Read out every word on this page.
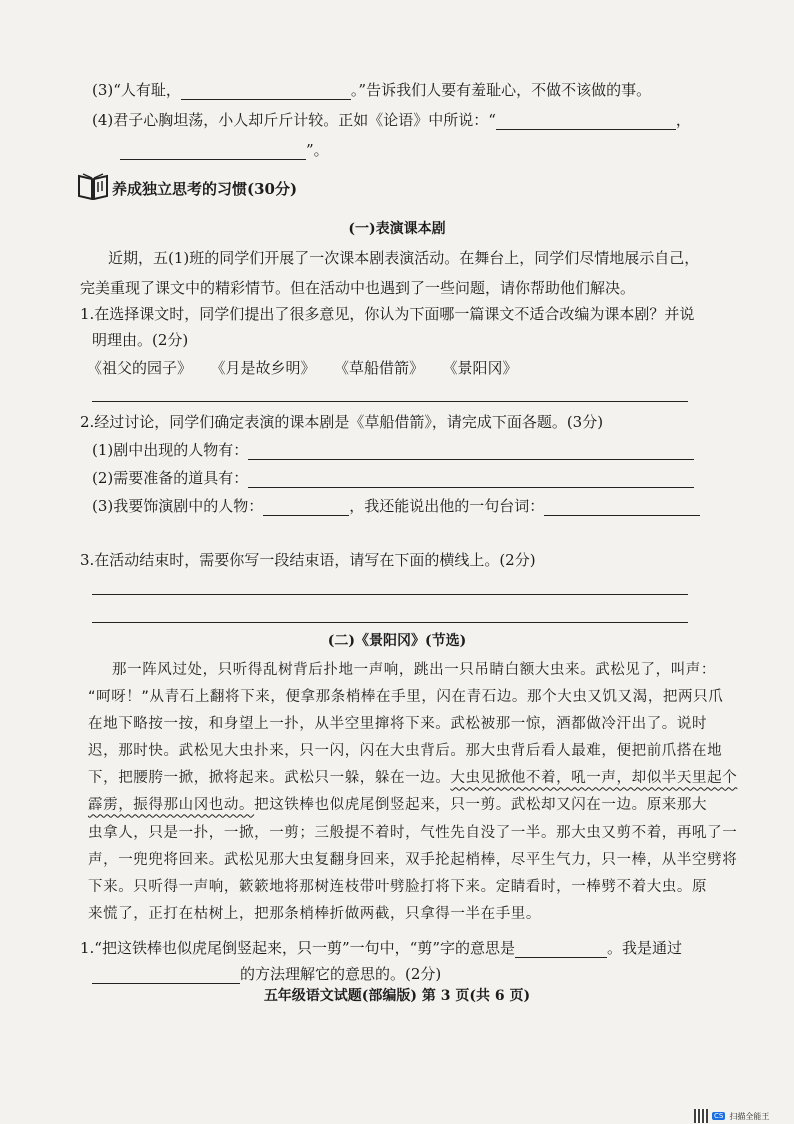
(3)“人有耻，	。”告诉我们人要有羞耻心，不做不该做的事。
(4)君子心胸坦荡，小人却斤斤计较。正如《论语》中所说：“	，
”。
养成独立思考的习惯(30分)
(一)表演课本剧
近期，五(1)班的同学们开展了一次课本剧表演活动。在舞台上，同学们尽情地展示自己，
完美重现了课文中的精彩情节。但在活动中也遇到了一些问题，请你帮助他们解决。
1.在选择课文时，同学们提出了很多意见，你认为下面哪一篇课文不适合改编为课本剧？并说
明理由。(2分)
《祖父的园子》 《月是故乡明》 《草船借箭》 《景阳冈》
2.经过讨论，同学们确定表演的课本剧是《草船借箭》，请完成下面各题。(3分)
(1)剧中出现的人物有：
(2)需要准备的道具有：
(3)我要饰演剧中的人物：	，我还能说出他的一句台词：
3.在活动结束时，需要你写一段结束语，请写在下面的横线上。(2分)
(二)《景阳冈》(节选)
那一阵风过处，只听得乱树背后扑地一声响，跳出一只吊睛白额大虫来。武松见了，叫声：
“呵呀！”从青石上翻将下来，便拿那条梢棒在手里，闪在青石边。那个大虫又饥又渴，把两只爪
在地下略按一按，和身望上一扑，从半空里撺将下来。武松被那一惊，酒都做冷汗出了。说时
迟，那时快。武松见大虫扑来，只一闪，闪在大虫背后。那大虫背后看人最难，便把前爪搭在地
下，把腰胯一掀，掀将起来。武松只一躲，躲在一边。大虫见掀他不着，吼一声，却似半天里起个
霹雳，振得那山冈也动。把这铁棒也似虎尾倒竖起来，只一剪。武松却又闪在一边。原来那大
虫拿人，只是一扑，一掀，一剪；三般提不着时，气性先自没了一半。那大虫又剪不着，再吼了一
声，一兜兜将回来。武松见那大虫复翻身回来，双手抡起梢棒，尽平生气力，只一棒，从半空劈将
下来。只听得一声响，簌簌地将那树连枝带叶劈脸打将下来。定睛看时，一棒劈不着大虫。原
来慌了，正打在枯树上，把那条梢棒折做两截，只拿得一半在手里。
1.“把这铁棒也似虎尾倒竖起来，只一剪”一句中，“剪”字的意思是	。我是通过
的方法理解它的意思的。(2分)
五年级语文试题(部编版) 第 3 页(共 6 页)
CS 扫描全能王
